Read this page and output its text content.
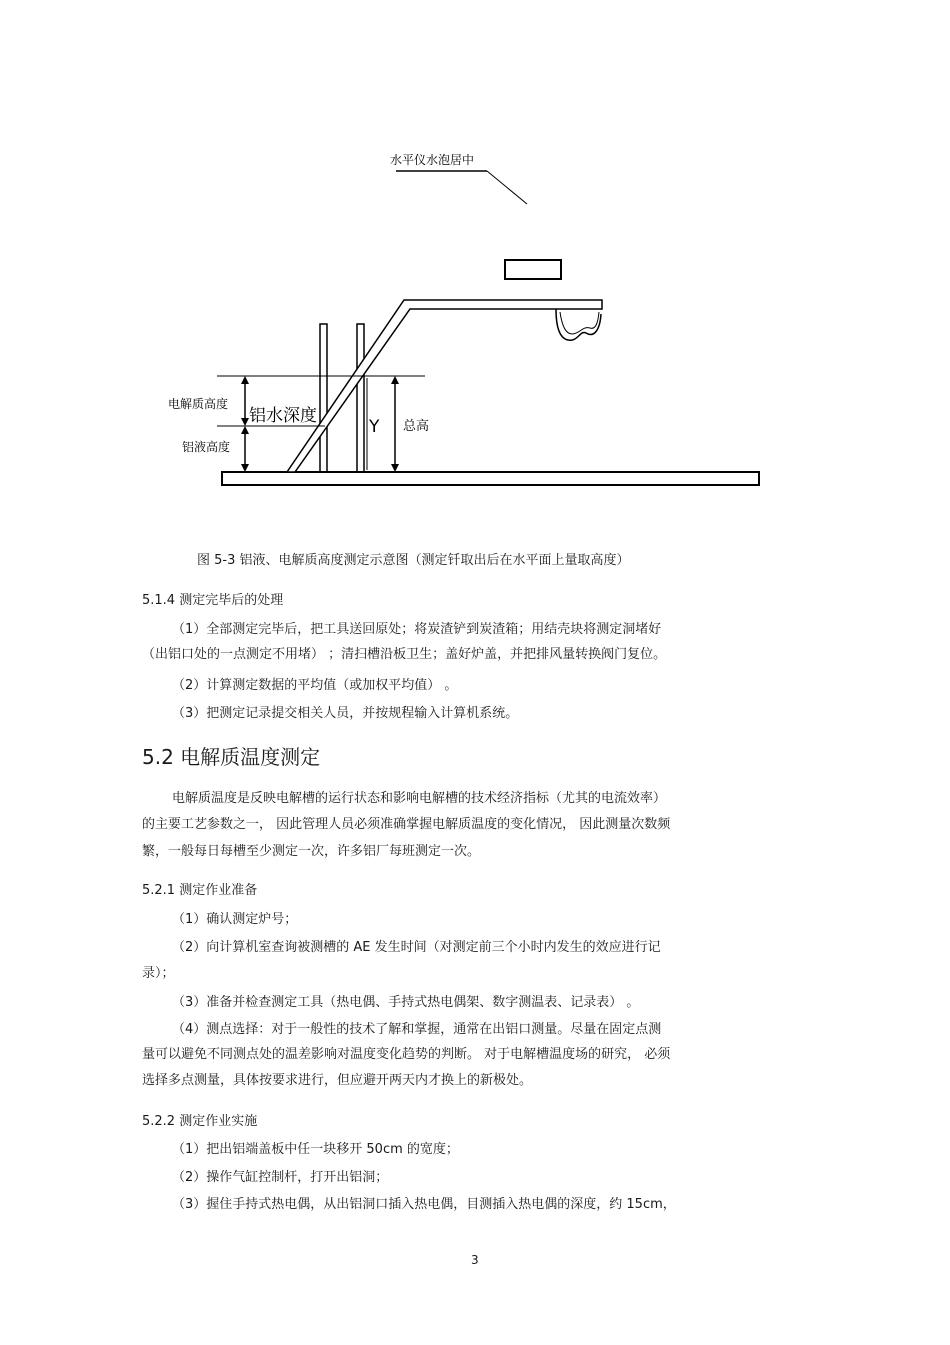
水平仪水泡居中
电解质高度
铝水深度
Y 总高
铝液高度
图 5-3 铝液、电解质高度测定示意图（测定钎取出后在水平面上量取高度）
5.1.4 测定完毕后的处理
（1）全部测定完毕后，把工具送回原处；将炭渣铲到炭渣箱；用结壳块将测定洞堵好
（出铝口处的一点测定不用堵） ；清扫槽沿板卫生；盖好炉盖，并把排风量转换阀门复位。
（2）计算测定数据的平均值（或加权平均值） 。
（3）把测定记录提交相关人员，并按规程输入计算机系统。
5.2 电解质温度测定
电解质温度是反映电解槽的运行状态和影响电解槽的技术经济指标（尤其的电流效率）
的主要工艺参数之一， 因此管理人员必须准确掌握电解质温度的变化情况， 因此测量次数频
繁，一般每日每槽至少测定一次，许多铝厂每班测定一次。
5.2.1 测定作业准备
（1）确认测定炉号；
（2）向计算机室查询被测槽的 AE 发生时间（对测定前三个小时内发生的效应进行记
录）；
（3）准备并检查测定工具（热电偶、手持式热电偶架、数字测温表、记录表） 。
（4）测点选择：对于一般性的技术了解和掌握，通常在出铝口测量。尽量在固定点测
量可以避免不同测点处的温差影响对温度变化趋势的判断。 对于电解槽温度场的研究， 必须
选择多点测量，具体按要求进行，但应避开两天内才换上的新极处。
5.2.2 测定作业实施
（1）把出铝端盖板中任一块移开 50cm 的宽度；
（2）操作气缸控制杆，打开出铝洞；
（3）握住手持式热电偶，从出铝洞口插入热电偶，目测插入热电偶的深度，约 15cm，
3
